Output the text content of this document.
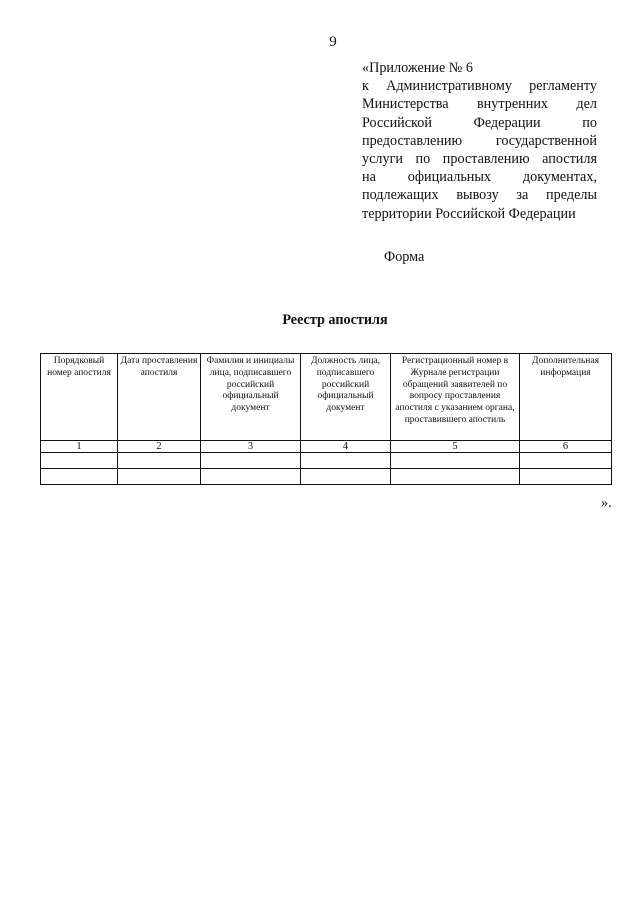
9
«Приложение № 6
к Административному регламенту
Министерства внутренних дел
Российской Федерации по
предоставлению государственной
услуги по проставлению апостиля
на официальных документах,
подлежащих вывозу за пределы
территории Российской Федерации
Форма
Реестр апостиля
Порядковый номер апостиля	Дата проставления апостиля	Фамилия и инициалы лица, подписавшего российский официальный документ	Должность лица, подписавшего российский официальный документ	Регистрационный номер в Журнале регистрации обращений заявителей по вопросу проставления апостиля с указанием органа, проставившего апостиль	Дополнительная информация
1	2	3	4	5	6

».
